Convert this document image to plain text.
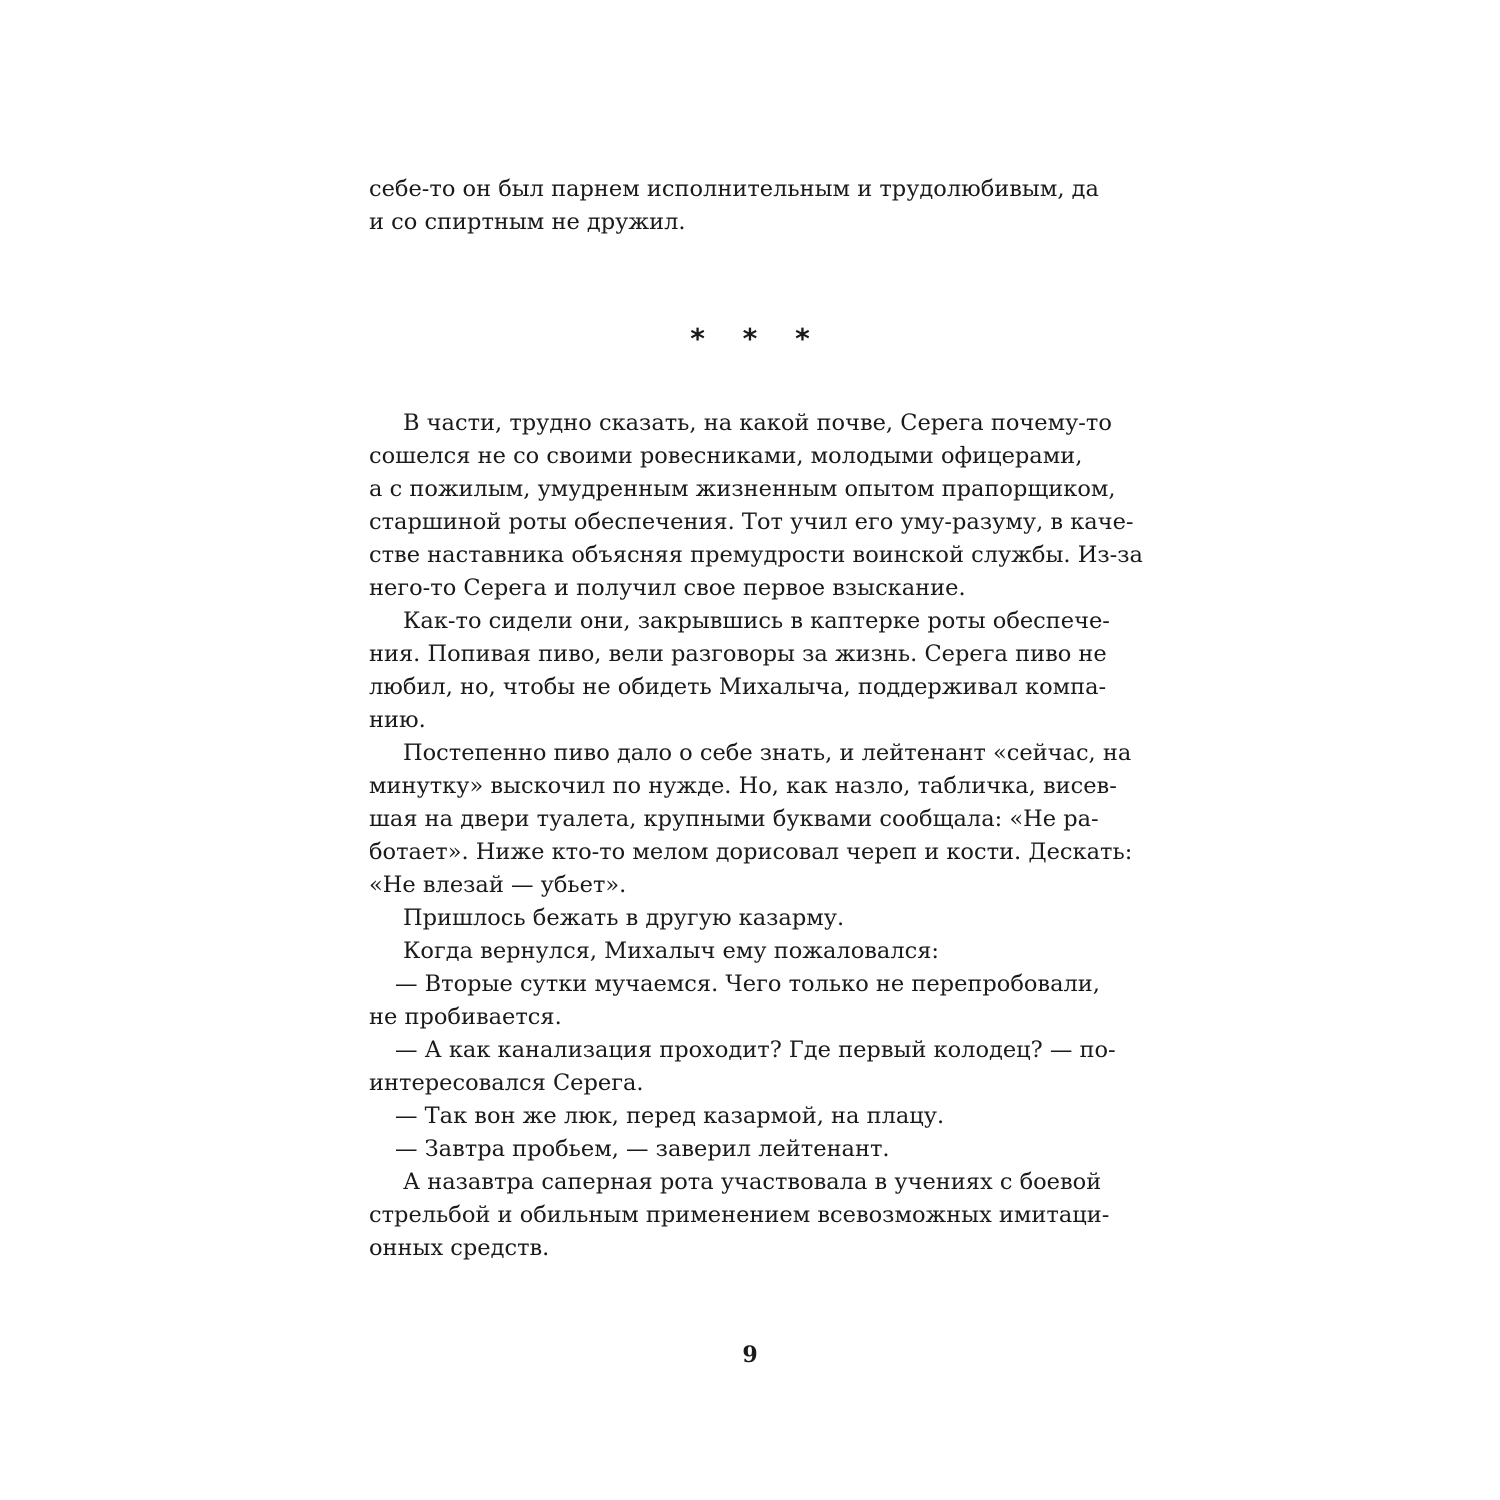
себе-то он был парнем исполнительным и трудолюбивым, да
и со спиртным не дружил.
* * *
В части, трудно сказать, на какой почве, Серега почему-то
сошелся не со своими ровесниками, молодыми офицерами,
а с пожилым, умудренным жизненным опытом прапорщиком,
старшиной роты обеспечения. Тот учил его уму-разуму, в каче-
стве наставника объясняя премудрости воинской службы. Из-за
него-то Серега и получил свое первое взыскание.
Как-то сидели они, закрывшись в каптерке роты обеспече-
ния. Попивая пиво, вели разговоры за жизнь. Серега пиво не
любил, но, чтобы не обидеть Михалыча, поддерживал компа-
нию.
Постепенно пиво дало о себе знать, и лейтенант «сейчас, на
минутку» выскочил по нужде. Но, как назло, табличка, висев-
шая на двери туалета, крупными буквами сообщала: «Не ра-
ботает». Ниже кто-то мелом дорисовал череп и кости. Дескать:
«Не влезай — убьет».
Пришлось бежать в другую казарму.
Когда вернулся, Михалыч ему пожаловался:
— Вторые сутки мучаемся. Чего только не перепробовали,
не пробивается.
— А как канализация проходит? Где первый колодец? — по-
интересовался Серега.
— Так вон же люк, перед казармой, на плацу.
— Завтра пробьем, — заверил лейтенант.
А назавтра саперная рота участвовала в учениях с боевой
стрельбой и обильным применением всевозможных имитаци-
онных средств.
9
